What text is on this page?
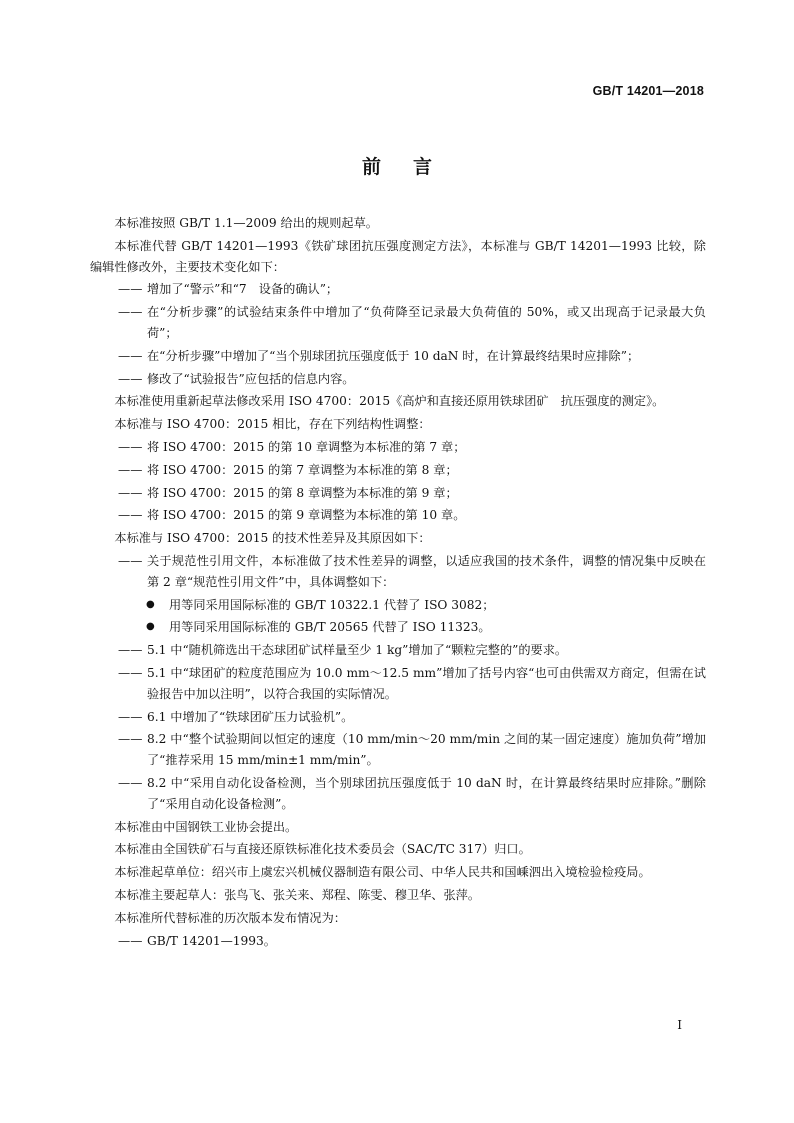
GB/T 14201—2018
前言

本标准按照 GB/T 1.1—2009 给出的规则起草。

本标准代替 GB/T 14201—1993《铁矿球团抗压强度测定方法》，本标准与 GB/T 14201—1993 比较，除编辑性修改外，主要技术变化如下：

—— 增加了“警示”和“7　设备的确认”；

—— 在“分析步骤”的试验结束条件中增加了“负荷降至记录最大负荷值的 50%，或又出现高于记录最大负荷”；

—— 在“分析步骤”中增加了“当个别球团抗压强度低于 10 daN 时，在计算最终结果时应排除”；

—— 修改了“试验报告”应包括的信息内容。

本标准使用重新起草法修改采用 ISO 4700：2015《高炉和直接还原用铁球团矿　抗压强度的测定》。

本标准与 ISO 4700：2015 相比，存在下列结构性调整：

—— 将 ISO 4700：2015 的第 10 章调整为本标准的第 7 章；

—— 将 ISO 4700：2015 的第 7 章调整为本标准的第 8 章；

—— 将 ISO 4700：2015 的第 8 章调整为本标准的第 9 章；

—— 将 ISO 4700：2015 的第 9 章调整为本标准的第 10 章。

本标准与 ISO 4700：2015 的技术性差异及其原因如下：

—— 关于规范性引用文件，本标准做了技术性差异的调整，以适应我国的技术条件，调整的情况集中反映在第 2 章“规范性引用文件”中，具体调整如下：

● 用等同采用国际标准的 GB/T 10322.1 代替了 ISO 3082；

● 用等同采用国际标准的 GB/T 20565 代替了 ISO 11323。

—— 5.1 中“随机筛选出干态球团矿试样量至少 1 kg”增加了“颗粒完整的”的要求。

—— 5.1 中“球团矿的粒度范围应为 10.0 mm～12.5 mm”增加了括号内容“也可由供需双方商定，但需在试验报告中加以注明”，以符合我国的实际情况。

—— 6.1 中增加了“铁球团矿压力试验机”。

—— 8.2 中“整个试验期间以恒定的速度（10 mm/min～20 mm/min 之间的某一固定速度）施加负荷”增加了“推荐采用 15 mm/min±1 mm/min”。

—— 8.2 中“采用自动化设备检测，当个别球团抗压强度低于 10 daN 时，在计算最终结果时应排除。”删除了“采用自动化设备检测”。

本标准由中国钢铁工业协会提出。

本标准由全国铁矿石与直接还原铁标准化技术委员会（SAC/TC 317）归口。

本标准起草单位：绍兴市上虞宏兴机械仪器制造有限公司、中华人民共和国嵊泗出入境检验检疫局。

本标准主要起草人：张鸟飞、张关来、郑程、陈雯、穆卫华、张萍。

本标准所代替标准的历次版本发布情况为：

—— GB/T 14201—1993。

I
